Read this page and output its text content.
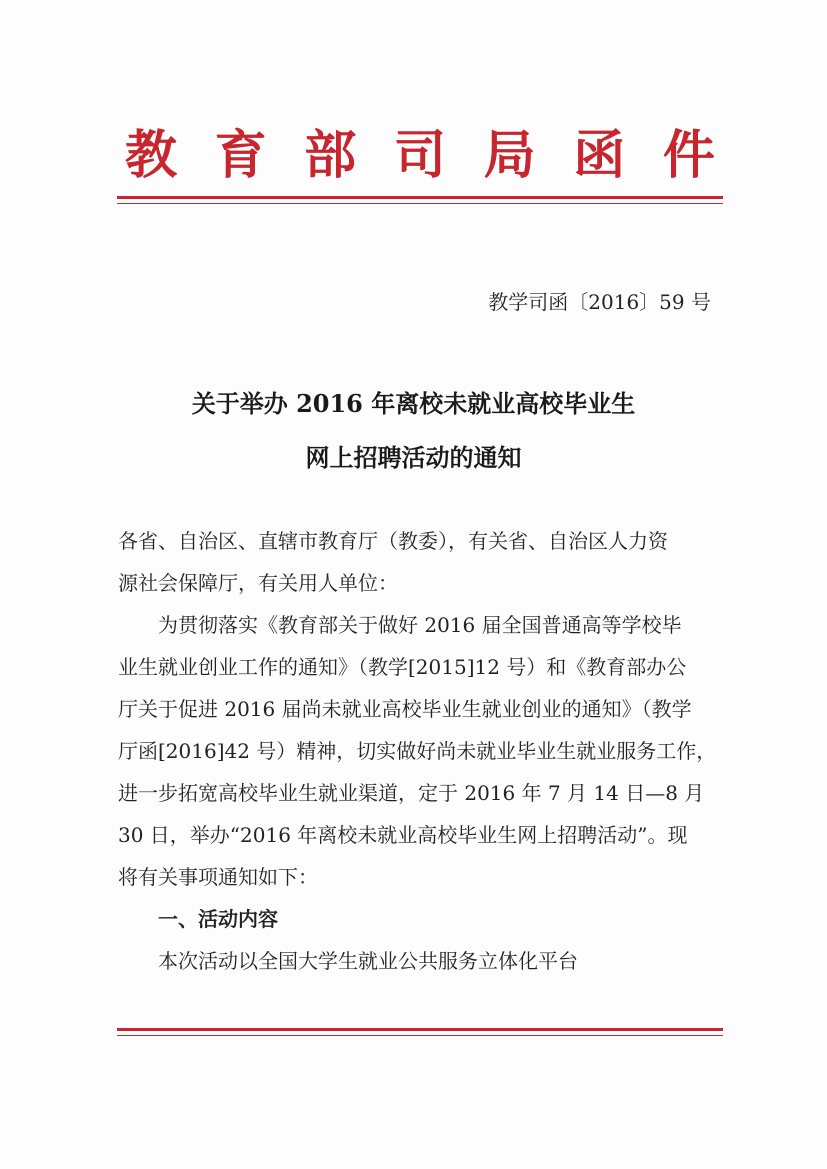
教 育 部 司 局 函 件
教学司函〔2016〕59 号
关于举办 2016 年离校未就业高校毕业生
网上招聘活动的通知
各省、自治区、直辖市教育厅（教委），有关省、自治区人力资
源社会保障厅，有关用人单位：
为贯彻落实《教育部关于做好 2016 届全国普通高等学校毕
业生就业创业工作的通知》（教学[2015]12 号）和《教育部办公
厅关于促进 2016 届尚未就业高校毕业生就业创业的通知》（教学
厅函[2016]42 号）精神，切实做好尚未就业毕业生就业服务工作，
进一步拓宽高校毕业生就业渠道，定于 2016 年 7 月 14 日—8 月
30 日，举办“2016 年离校未就业高校毕业生网上招聘活动”。现
将有关事项通知如下：
一、活动内容
本次活动以全国大学生就业公共服务立体化平台
